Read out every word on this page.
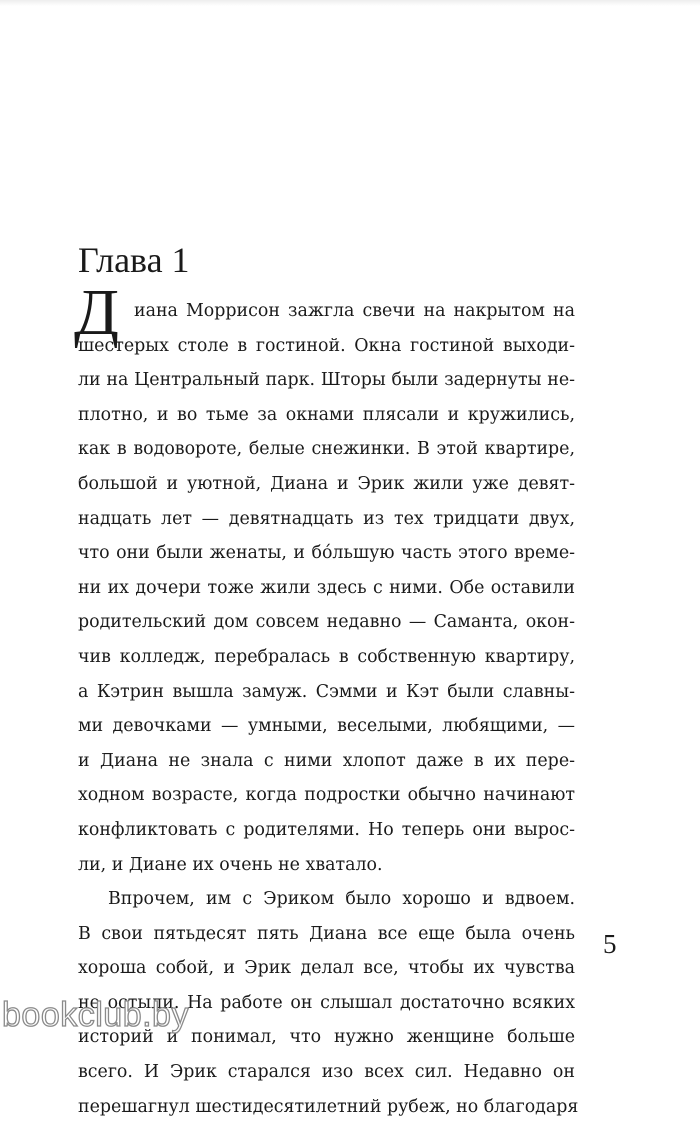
Глава 1
Д иана Моррисон зажгла свечи на накрытом на
шестерых столе в гостиной. Окна гостиной выходи-
ли на Центральный парк. Шторы были задернуты не-
плотно, и во тьме за окнами плясали и кружились,
как в водовороте, белые снежинки. В этой квартире,
большой и уютной, Диана и Эрик жили уже девят-
надцать лет — девятнадцать из тех тридцати двух,
что они были женаты, и бóльшую часть этого време-
ни их дочери тоже жили здесь с ними. Обе оставили
родительский дом совсем недавно — Саманта, окон-
чив колледж, перебралась в собственную квартиру,
а Кэтрин вышла замуж. Сэмми и Кэт были славны-
ми девочками — умными, веселыми, любящими, —
и Диана не знала с ними хлопот даже в их пере-
ходном возрасте, когда подростки обычно начинают
конфликтовать с родителями. Но теперь они вырос-
ли, и Диане их очень не хватало.
Впрочем, им с Эриком было хорошо и вдвоем.
В свои пятьдесят пять Диана все еще была очень
хороша собой, и Эрик делал все, чтобы их чувства
не остыли. На работе он слышал достаточно всяких
историй и понимал, что нужно женщине больше
всего. И Эрик старался изо всех сил. Недавно он
перешагнул шестидесятилетний рубеж, но благодаря
5
bookclub.by
